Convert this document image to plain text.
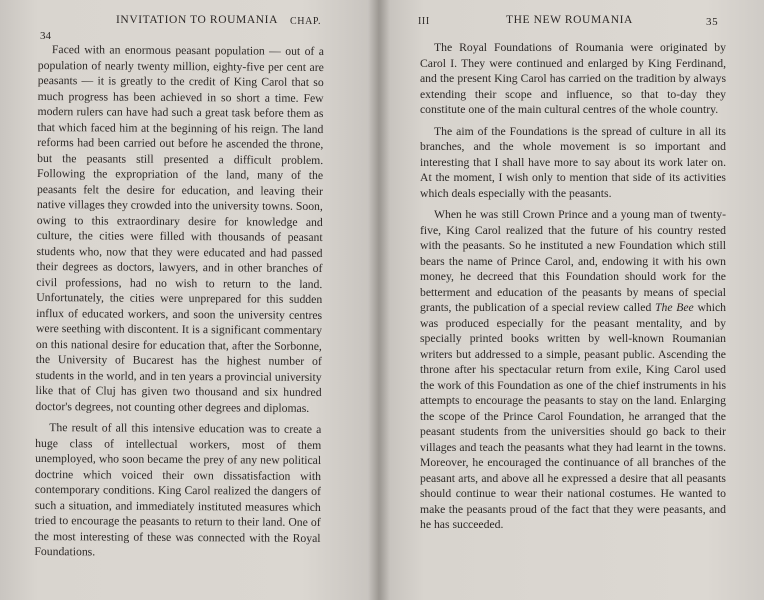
INVITATION TO ROUMANIA CHAP.
34

Faced with an enormous peasant population — out of a population of nearly twenty million, eighty-five per cent are peasants — it is greatly to the credit of King Carol that so much progress has been achieved in so short a time. Few modern rulers can have had such a great task before them as that which faced him at the beginning of his reign. The land reforms had been carried out before he ascended the throne, but the peasants still presented a difficult problem. Following the expropriation of the land, many of the peasants felt the desire for education, and leaving their native villages they crowded into the university towns. Soon, owing to this extraordinary desire for knowledge and culture, the cities were filled with thousands of peasant students who, now that they were educated and had passed their degrees as doctors, lawyers, and in other branches of civil professions, had no wish to return to the land. Unfortunately, the cities were unprepared for this sudden influx of educated workers, and soon the university centres were seething with discontent. It is a significant commentary on this national desire for education that, after the Sorbonne, the University of Bucarest has the highest number of students in the world, and in ten years a provincial university like that of Cluj has given two thousand and six hundred doctor's degrees, not counting other degrees and diplomas.

The result of all this intensive education was to create a huge class of intellectual workers, most of them unemployed, who soon became the prey of any new political doctrine which voiced their own dissatisfaction with contemporary conditions. King Carol realized the dangers of such a situation, and immediately instituted measures which tried to encourage the peasants to return to their land. One of the most interesting of these was connected with the Royal Foundations.

III	THE NEW ROUMANIA	35

The Royal Foundations of Roumania were originated by Carol I. They were continued and enlarged by King Ferdinand, and the present King Carol has carried on the tradition by always extending their scope and influence, so that to-day they constitute one of the main cultural centres of the whole country.

The aim of the Foundations is the spread of culture in all its branches, and the whole movement is so important and interesting that I shall have more to say about its work later on. At the moment, I wish only to mention that side of its activities which deals especially with the peasants.

When he was still Crown Prince and a young man of twenty-five, King Carol realized that the future of his country rested with the peasants. So he instituted a new Foundation which still bears the name of Prince Carol, and, endowing it with his own money, he decreed that this Foundation should work for the betterment and education of the peasants by means of special grants, the publication of a special review called The Bee which was produced especially for the peasant mentality, and by specially printed books written by well-known Roumanian writers but addressed to a simple, peasant public. Ascending the throne after his spectacular return from exile, King Carol used the work of this Foundation as one of the chief instruments in his attempts to encourage the peasants to stay on the land. Enlarging the scope of the Prince Carol Foundation, he arranged that the peasant students from the universities should go back to their villages and teach the peasants what they had learnt in the towns. Moreover, he encouraged the continuance of all branches of the peasant arts, and above all he expressed a desire that all peasants should continue to wear their national costumes. He wanted to make the peasants proud of the fact that they were peasants, and he has succeeded.
